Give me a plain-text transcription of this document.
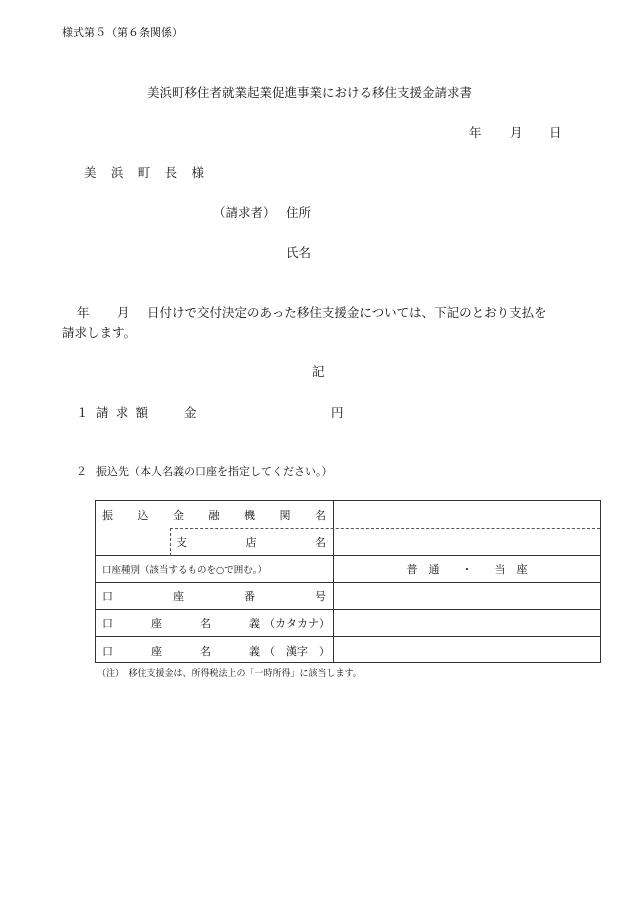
様式第５（第６条関係）
美浜町移住者就業起業促進事業における移住支援金請求書
年 月 日
美 浜 町 長 様
（請求者） 住所
氏名
年 月 日付けで交付決定のあった移住支援金については、下記のとおり支払を
請求します。
記
１ 請 求 額	金	円
２ 振込先（本人名義の口座を指定してください。）
振 込 金 融 機 関 名
支	店	名
口座種別（該当するものを○で囲む。）	普　通　　・　　当　座
口	座	番	号
口	座	名	義 （カタカナ）
口	座	名	義 （　漢字　）
（注）　移住支援金は、所得税法上の「一時所得」に該当します。
